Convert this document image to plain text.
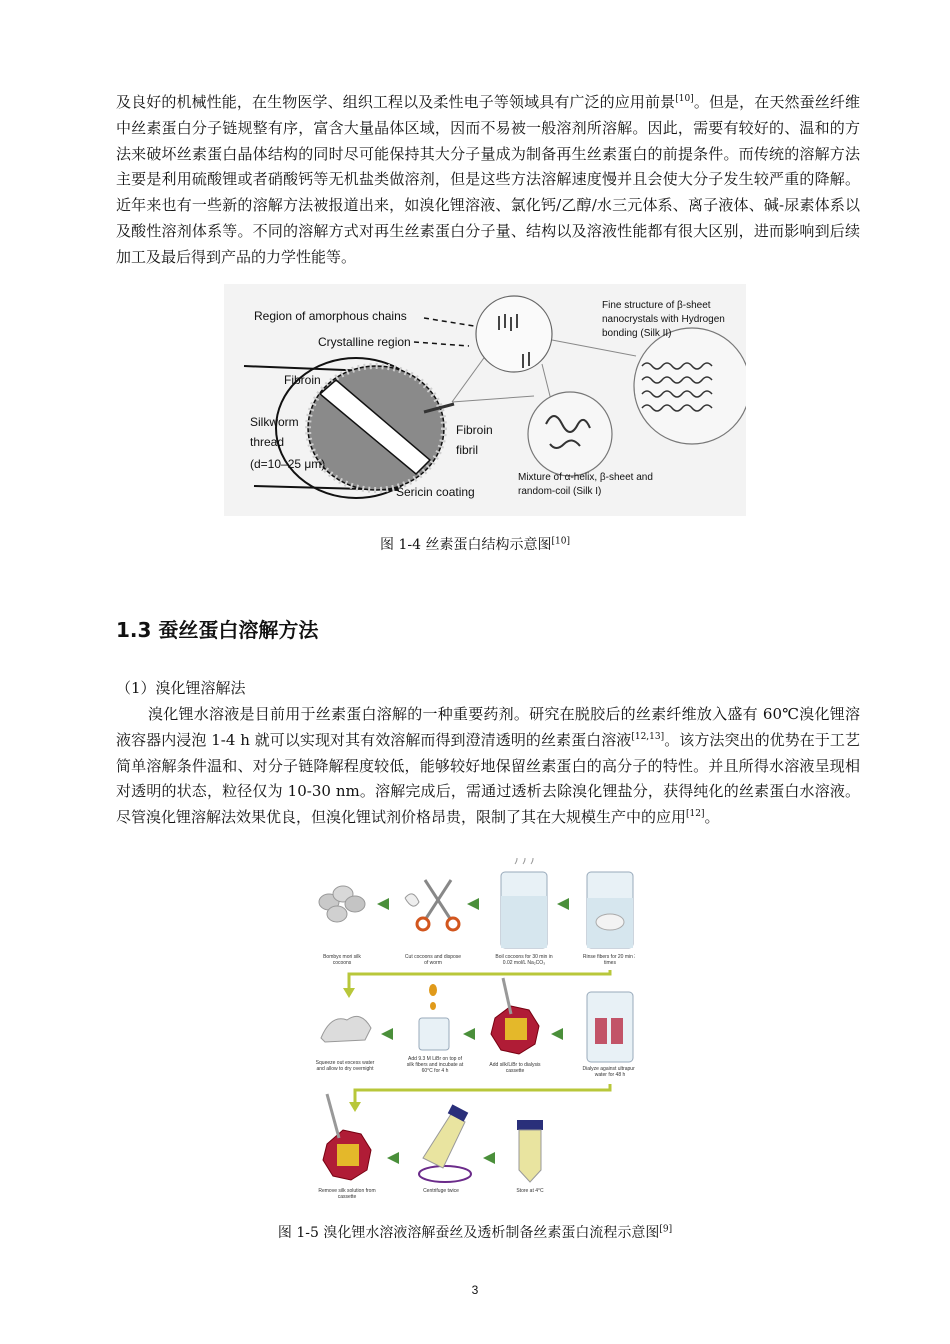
及良好的机械性能，在生物医学、组织工程以及柔性电子等领域具有广泛的应用前景[10]。但是，在天然蚕丝纤维中丝素蛋白分子链规整有序，富含大量晶体区域，因而不易被一般溶剂所溶解。因此，需要有较好的、温和的方法来破坏丝素蛋白晶体结构的同时尽可能保持其大分子量成为制备再生丝素蛋白的前提条件。而传统的溶解方法主要是利用硫酸锂或者硝酸钙等无机盐类做溶剂，但是这些方法溶解速度慢并且会使大分子发生较严重的降解。近年来也有一些新的溶解方法被报道出来，如溴化锂溶液、氯化钙/乙醇/水三元体系、离子液体、碱-尿素体系以及酸性溶剂体系等。不同的溶解方式对再生丝素蛋白分子量、结构以及溶液性能都有很大区别，进而影响到后续加工及最后得到产品的力学性能等。
Region of amorphous chains
Crystalline region
Fibroin
Silkworm
thread
(d=10–25 μm)
Fibroin
fibril
Sericin coating
Fine structure of β-sheet
nanocrystals with Hydrogen
bonding (Silk II)
Mixture of α-helix, β-sheet and
random-coil (Silk I)
图 1-4 丝素蛋白结构示意图[10]
1.3 蚕丝蛋白溶解方法
（1）溴化锂溶解法
溴化锂水溶液是目前用于丝素蛋白溶解的一种重要药剂。研究在脱胶后的丝素纤维放入盛有 60℃溴化锂溶液容器内浸泡 1-4 h 就可以实现对其有效溶解而得到澄清透明的丝素蛋白溶液[12,13]。该方法突出的优势在于工艺简单溶解条件温和、对分子链降解程度较低，能够较好地保留丝素蛋白的高分子的特性。并且所得水溶液呈现相对透明的状态，粒径仅为 10-30 nm。溶解完成后，需通过透析去除溴化锂盐分，获得纯化的丝素蛋白水溶液。尽管溴化锂溶解法效果优良，但溴化锂试剂价格昂贵，限制了其在大规模生产中的应用[12]。
Bombyx mori silk
cocoons
Cut cocoons and dispose
of worm
Boil cocoons for 30 min in
0.02 mol/L Na₂CO₃
Rinse fibers for 20 min 3
times
Squeeze out excess water
and allow to dry overnight
Add 9.3 M LiBr on top of
silk fibers and incubate at
60°C for 4 h
Add silk/LiBr to dialysis
cassette	Dialyze against ultrapure
water for 48 h
Remove silk solution from
cassette
Centrifuge twice	Store at 4°C
图 1-5 溴化锂水溶液溶解蚕丝及透析制备丝素蛋白流程示意图[9]
3
